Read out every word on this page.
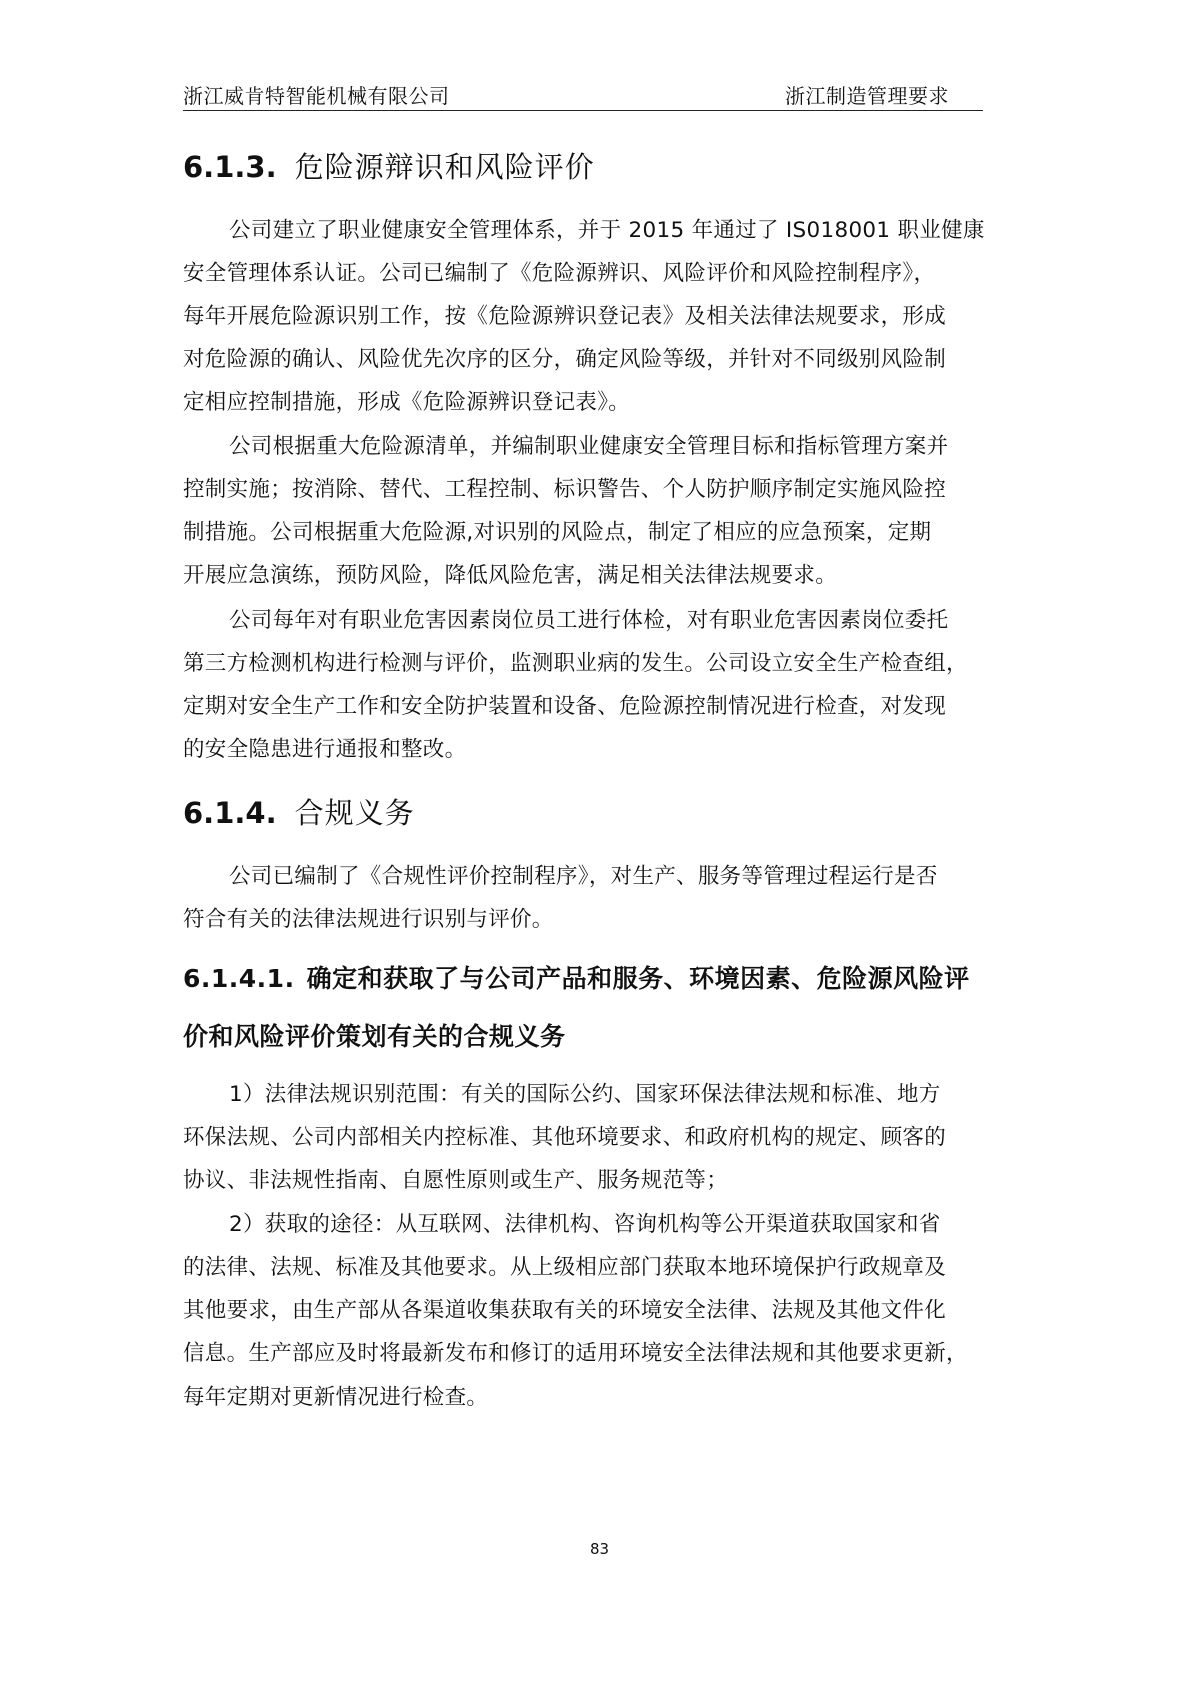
浙江威肯特智能机械有限公司	浙江制造管理要求
6.1.3. 危险源辩识和风险评价
公司建立了职业健康安全管理体系，并于 2015 年通过了 IS018001 职业健康
安全管理体系认证。公司已编制了《危险源辨识、风险评价和风险控制程序》，
每年开展危险源识别工作，按《危险源辨识登记表》及相关法律法规要求，形成
对危险源的确认、风险优先次序的区分，确定风险等级，并针对不同级别风险制
定相应控制措施，形成《危险源辨识登记表》。
公司根据重大危险源清单，并编制职业健康安全管理目标和指标管理方案并
控制实施；按消除、替代、工程控制、标识警告、个人防护顺序制定实施风险控
制措施。公司根据重大危险源,对识别的风险点，制定了相应的应急预案，定期
开展应急演练，预防风险，降低风险危害，满足相关法律法规要求。
公司每年对有职业危害因素岗位员工进行体检，对有职业危害因素岗位委托
第三方检测机构进行检测与评价，监测职业病的发生。公司设立安全生产检查组，
定期对安全生产工作和安全防护装置和设备、危险源控制情况进行检查，对发现
的安全隐患进行通报和整改。
6.1.4. 合规义务
公司已编制了《合规性评价控制程序》，对生产、服务等管理过程运行是否
符合有关的法律法规进行识别与评价。
6.1.4.1. 确定和获取了与公司产品和服务、环境因素、危险源风险评
价和风险评价策划有关的合规义务
1）法律法规识别范围：有关的国际公约、国家环保法律法规和标准、地方
环保法规、公司内部相关内控标准、其他环境要求、和政府机构的规定、顾客的
协议、非法规性指南、自愿性原则或生产、服务规范等；
2）获取的途径：从互联网、法律机构、咨询机构等公开渠道获取国家和省
的法律、法规、标准及其他要求。从上级相应部门获取本地环境保护行政规章及
其他要求，由生产部从各渠道收集获取有关的环境安全法律、法规及其他文件化
信息。生产部应及时将最新发布和修订的适用环境安全法律法规和其他要求更新，
每年定期对更新情况进行检查。
83
